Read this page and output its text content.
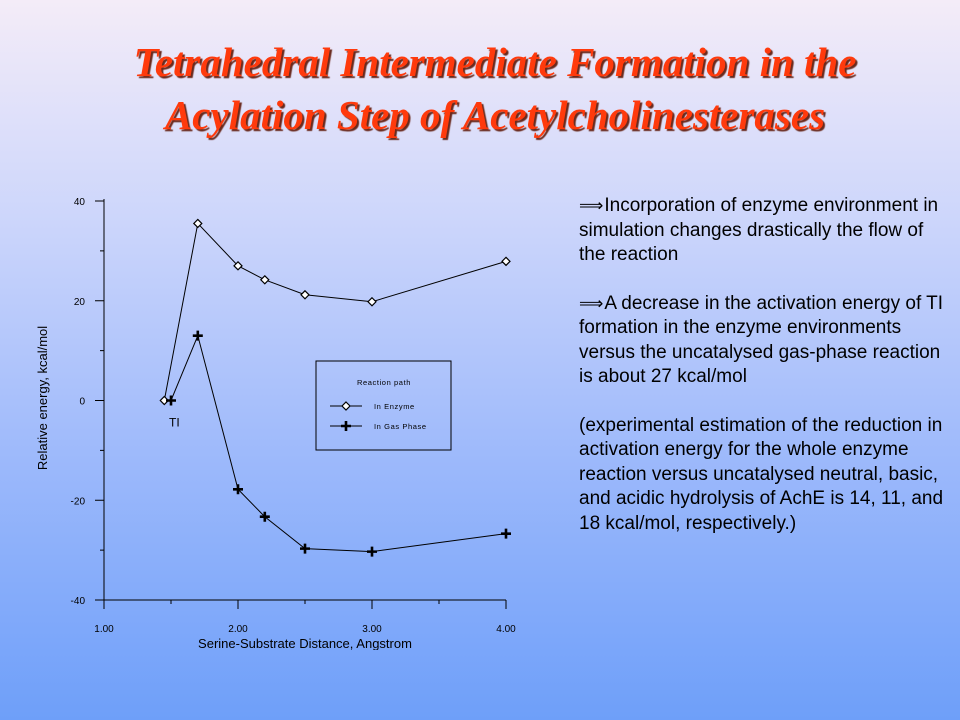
Tetrahedral Intermediate Formation in the
Acylation Step of Acetylcholinesterases
40
20
0
-20
-40
1.00	2.00	3.00	4.00
Serine-Substrate Distance, Angstrom
Relative energy, kcal/mol	TI
Reaction path
In Enzyme
In Gas Phase

⟹Incorporation of enzyme environment in simulation changes drastically the flow of the reaction

⟹A decrease in the activation energy of TI formation in the enzyme environments versus the uncatalysed gas-phase reaction is about 27 kcal/mol

(experimental estimation of the reduction in activation energy for the whole enzyme reaction versus uncatalysed neutral, basic, and acidic hydrolysis of AchE is 14, 11, and 18 kcal/mol, respectively.)
